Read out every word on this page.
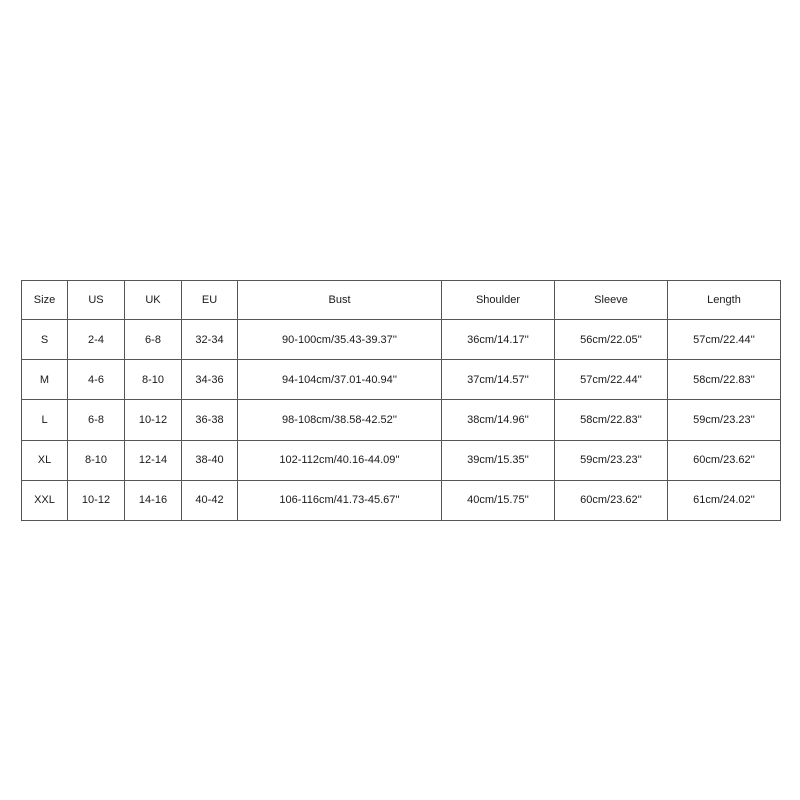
Size	US	UK	EU	Bust	Shoulder	Sleeve	Length
S	2-4	6-8	32-34	90-100cm/35.43-39.37''	36cm/14.17''	56cm/22.05''	57cm/22.44''
M	4-6	8-10	34-36	94-104cm/37.01-40.94''	37cm/14.57''	57cm/22.44''	58cm/22.83''
L	6-8	10-12	36-38	98-108cm/38.58-42.52''	38cm/14.96''	58cm/22.83''	59cm/23.23''
XL	8-10	12-14	38-40	102-112cm/40.16-44.09''	39cm/15.35''	59cm/23.23''	60cm/23.62''
XXL	10-12	14-16	40-42	106-116cm/41.73-45.67''	40cm/15.75''	60cm/23.62''	61cm/24.02''
